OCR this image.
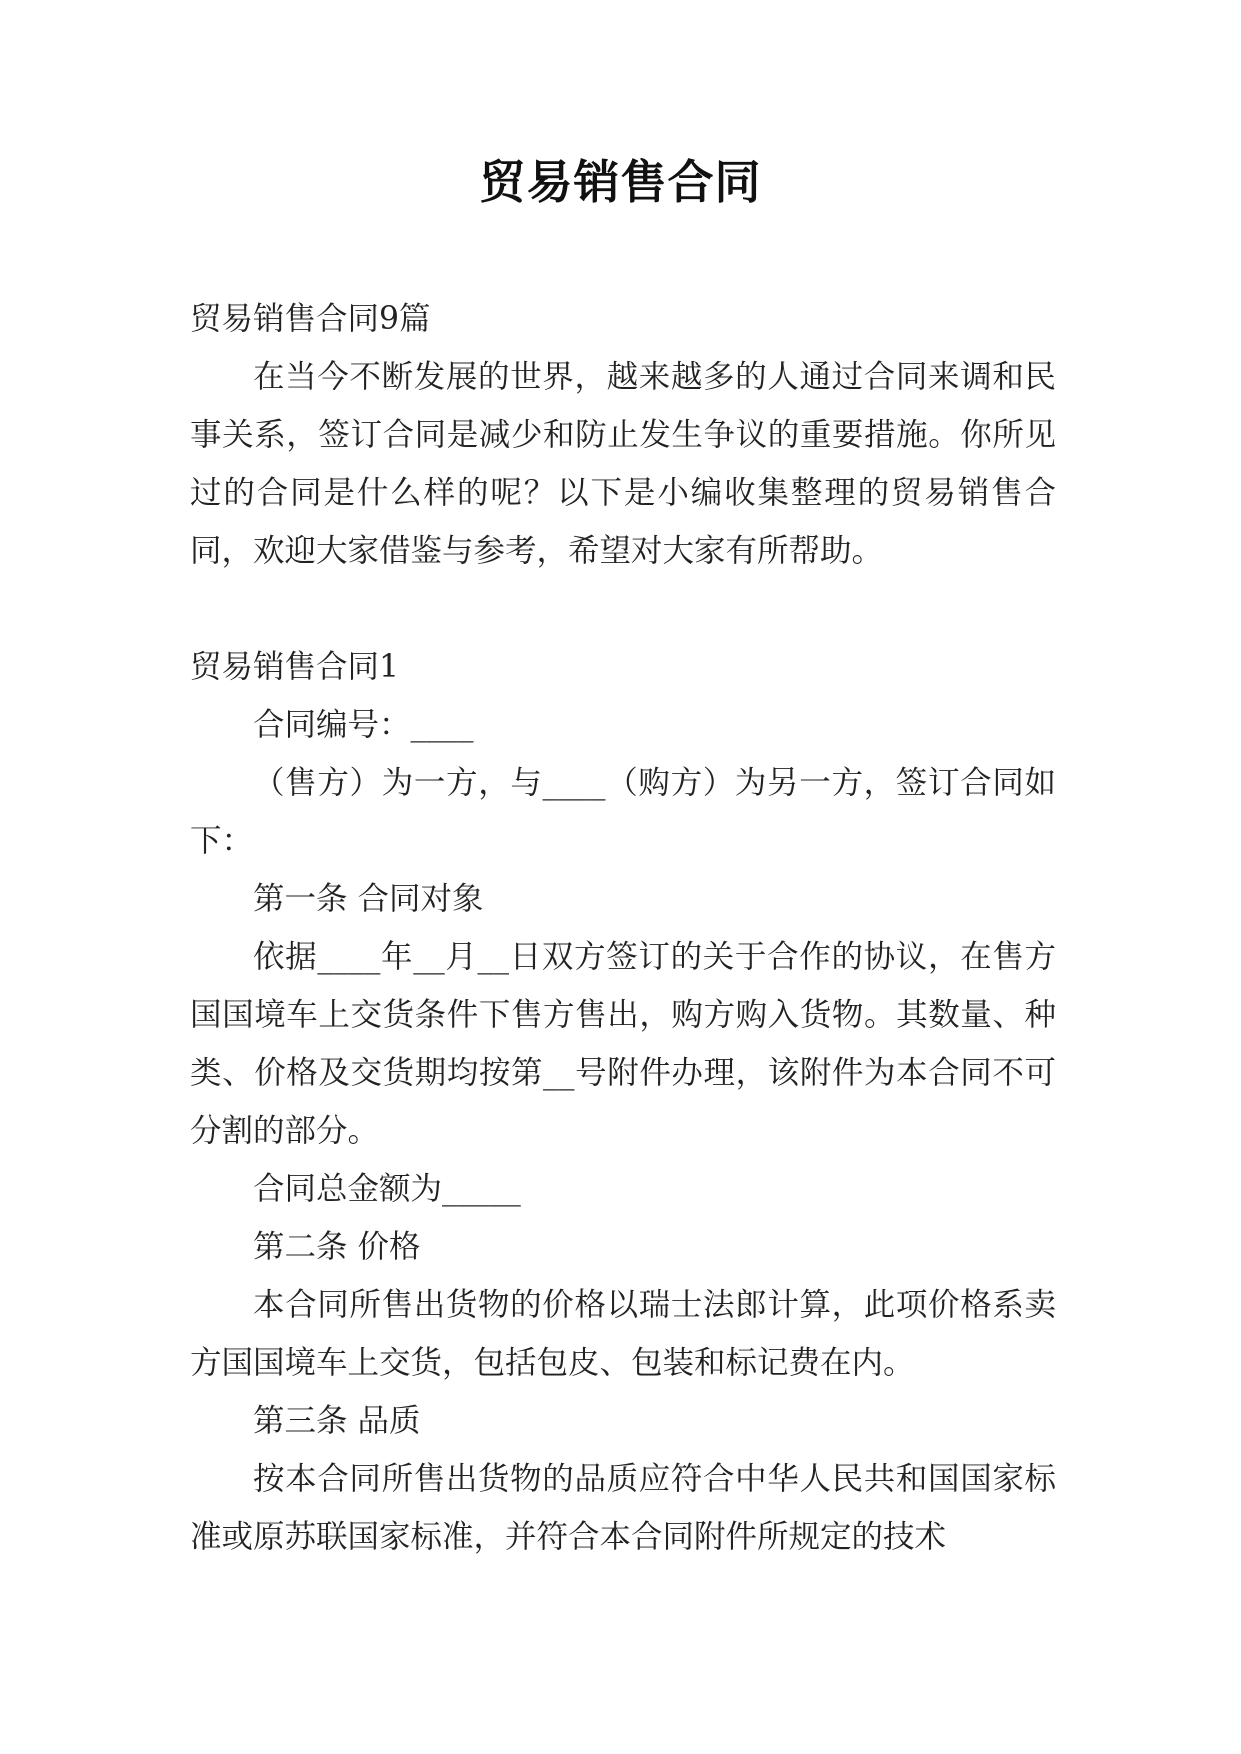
贸易销售合同

贸易销售合同9篇

在当今不断发展的世界，越来越多的人通过合同来调和民事关系，签订合同是减少和防止发生争议的重要措施。你所见过的合同是什么样的呢？以下是小编收集整理的贸易销售合同，欢迎大家借鉴与参考，希望对大家有所帮助。

贸易销售合同1

合同编号：____

（售方）为一方，与____（购方）为另一方，签订合同如下：

第一条 合同对象

依据____年__月__日双方签订的关于合作的协议，在售方国国境车上交货条件下售方售出，购方购入货物。其数量、种类、价格及交货期均按第__号附件办理，该附件为本合同不可分割的部分。

合同总金额为_____

第二条 价格

本合同所售出货物的价格以瑞士法郎计算，此项价格系卖方国国境车上交货，包括包皮、包装和标记费在内。

第三条 品质

按本合同所售出货物的品质应符合中华人民共和国国家标准或原苏联国家标准，并符合本合同附件所规定的技术
